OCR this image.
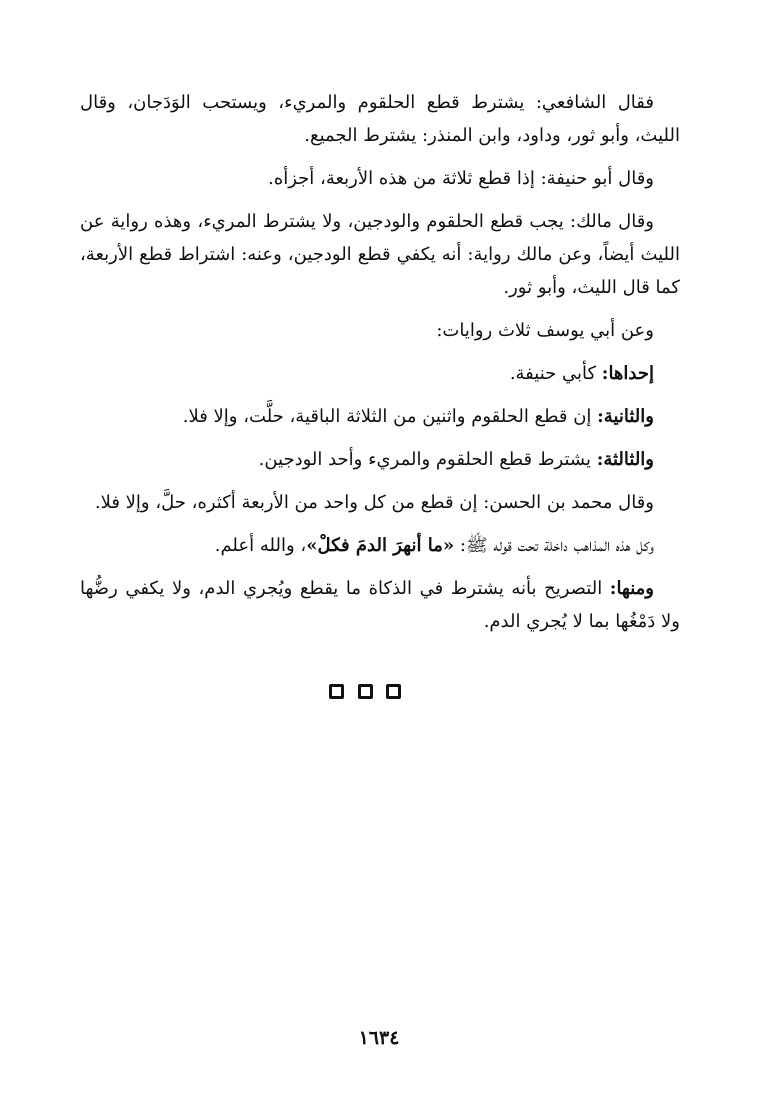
فقال الشافعي: يشترط قطع الحلقوم والمريء، ويستحب الوَدَجان، وقال الليث، وأبو ثور، وداود، وابن المنذر: يشترط الجميع.

وقال أبو حنيفة: إذا قطع ثلاثة من هذه الأربعة، أجزأه.

وقال مالك: يجب قطع الحلقوم والودجين، ولا يشترط المريء، وهذه رواية عن الليث أيضاً، وعن مالك رواية: أنه يكفي قطع الودجين، وعنه: اشتراط قطع الأربعة، كما قال الليث، وأبو ثور.

وعن أبي يوسف ثلاث روايات:

إحداها: كأبي حنيفة.

والثانية: إن قطع الحلقوم واثنين من الثلاثة الباقية، حلَّت، وإلا فلا.

والثالثة: يشترط قطع الحلقوم والمريء وأحد الودجين.

وقال محمد بن الحسن: إن قطع من كل واحد من الأربعة أكثره، حلَّ، وإلا فلا.

وكل هذه المذاهب داخلة تحت قوله ﷺ: «ما أنهرَ الدمَ فكلْ»، والله أعلم.

ومنها: التصريح بأنه يشترط في الذكاة ما يقطع ويُجري الدم، ولا يكفي رضُّها ولا دَمْغُها بما لا يُجري الدم.

١٦٣٤
